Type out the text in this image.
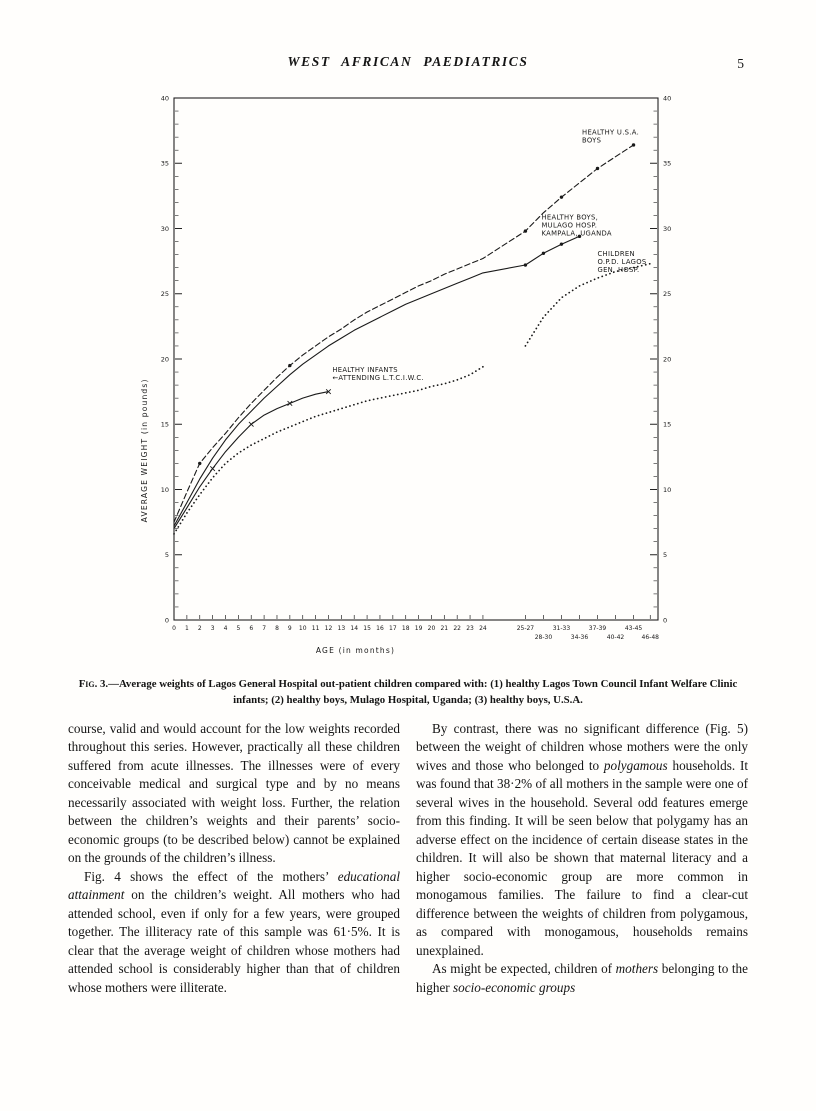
WEST AFRICAN PAEDIATRICS	5
0	0
5	5
10	10
15	15
20	20
25	25
30	30
35	35
40	40
0 1 2 3 4 5 6 7 8 9 10 11 12 13 14 15 16 17 18 19 20 21 22 23 24	25-27
28-30
31-33
34-36
37-39
40-42
43-45
46-48
AGE (in months)
AVERAGE WEIGHT (in pounds)
HEALTHY U.S.A.
BOYS
HEALTHY BOYS,
MULAGO HOSP.
KAMPALA, UGANDA
CHILDREN
O.P.D. LAGOS
GEN. HOSP.
HEALTHY INFANTS
←ATTENDING L.T.C.I.W.C.
Fig. 3.—Average weights of Lagos General Hospital out-patient children compared with: (1) healthy Lagos Town Council Infant Welfare Clinic infants; (2) healthy boys, Mulago Hospital, Uganda; (3) healthy boys, U.S.A.

course, valid and would account for the low weights recorded throughout this series. However, practically all these children suffered from acute illnesses. The illnesses were of every conceivable medical and surgical type and by no means necessarily associated with weight loss. Further, the relation between the children’s weights and their parents’ socio-economic groups (to be described below) cannot be explained on the grounds of the children’s illness.

Fig. 4 shows the effect of the mothers’ educational attainment on the children’s weight. All mothers who had attended school, even if only for a few years, were grouped together. The illiteracy rate of this sample was 61·5%. It is clear that the average weight of children whose mothers had attended school is considerably higher than that of children whose mothers were illiterate.

By contrast, there was no significant difference (Fig. 5) between the weight of children whose mothers were the only wives and those who belonged to polygamous households. It was found that 38·2% of all mothers in the sample were one of several wives in the household. Several odd features emerge from this finding. It will be seen below that polygamy has an adverse effect on the incidence of certain disease states in the children. It will also be shown that maternal literacy and a higher socio-economic group are more common in monogamous families. The failure to find a clear-cut difference between the weights of children from polygamous, as compared with monogamous, households remains unexplained.

As might be expected, children of mothers belonging to the higher socio-economic groups
